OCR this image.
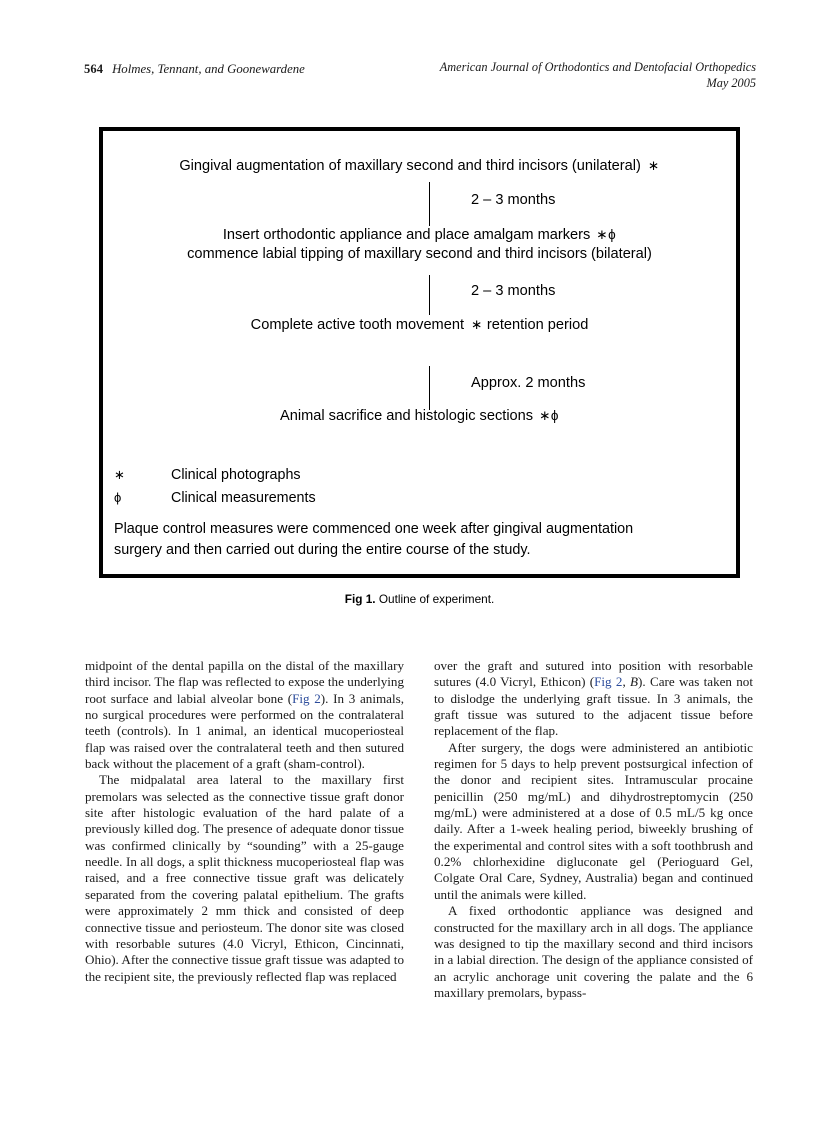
564 Holmes, Tennant, and Goonewardene	American Journal of Orthodontics and Dentofacial Orthopedics
May 2005
Gingival augmentation of maxillary second and third incisors (unilateral) ∗
2 – 3 months
Insert orthodontic appliance and place amalgam markers ∗ϕ
commence labial tipping of maxillary second and third incisors (bilateral)
2 – 3 months
Complete active tooth movement ∗ retention period
Approx. 2 months
Animal sacrifice and histologic sections ∗ϕ
∗	Clinical photographs
ϕ	Clinical measurements
Plaque control measures were commenced one week after gingival augmentation
surgery and then carried out during the entire course of the study.
Fig 1. Outline of experiment.

midpoint of the dental papilla on the distal of the maxillary third incisor. The flap was reflected to expose the underlying root surface and labial alveolar bone (Fig 2). In 3 animals, no surgical procedures were performed on the contralateral teeth (controls). In 1 animal, an identical mucoperiosteal flap was raised over the contralateral teeth and then sutured back without the placement of a graft (sham-control).

The midpalatal area lateral to the maxillary first premolars was selected as the connective tissue graft donor site after histologic evaluation of the hard palate of a previously killed dog. The presence of adequate donor tissue was confirmed clinically by “sounding” with a 25-gauge needle. In all dogs, a split thickness mucoperiosteal flap was raised, and a free connective tissue graft was delicately separated from the covering palatal epithelium. The grafts were approximately 2 mm thick and consisted of deep connective tissue and periosteum. The donor site was closed with resorbable sutures (4.0 Vicryl, Ethicon, Cincinnati, Ohio). After the connective tissue graft tissue was adapted to the recipient site, the previously reflected flap was replaced

over the graft and sutured into position with resorbable sutures (4.0 Vicryl, Ethicon) (Fig 2, B). Care was taken not to dislodge the underlying graft tissue. In 3 animals, the graft tissue was sutured to the adjacent tissue before replacement of the flap.

After surgery, the dogs were administered an antibiotic regimen for 5 days to help prevent postsurgical infection of the donor and recipient sites. Intramuscular procaine penicillin (250 mg/mL) and dihydrostreptomycin (250 mg/mL) were administered at a dose of 0.5 mL/5 kg once daily. After a 1-week healing period, biweekly brushing of the experimental and control sites with a soft toothbrush and 0.2% chlorhexidine digluconate gel (Perioguard Gel, Colgate Oral Care, Sydney, Australia) began and continued until the animals were killed.

A fixed orthodontic appliance was designed and constructed for the maxillary arch in all dogs. The appliance was designed to tip the maxillary second and third incisors in a labial direction. The design of the appliance consisted of an acrylic anchorage unit covering the palate and the 6 maxillary premolars, bypass-
